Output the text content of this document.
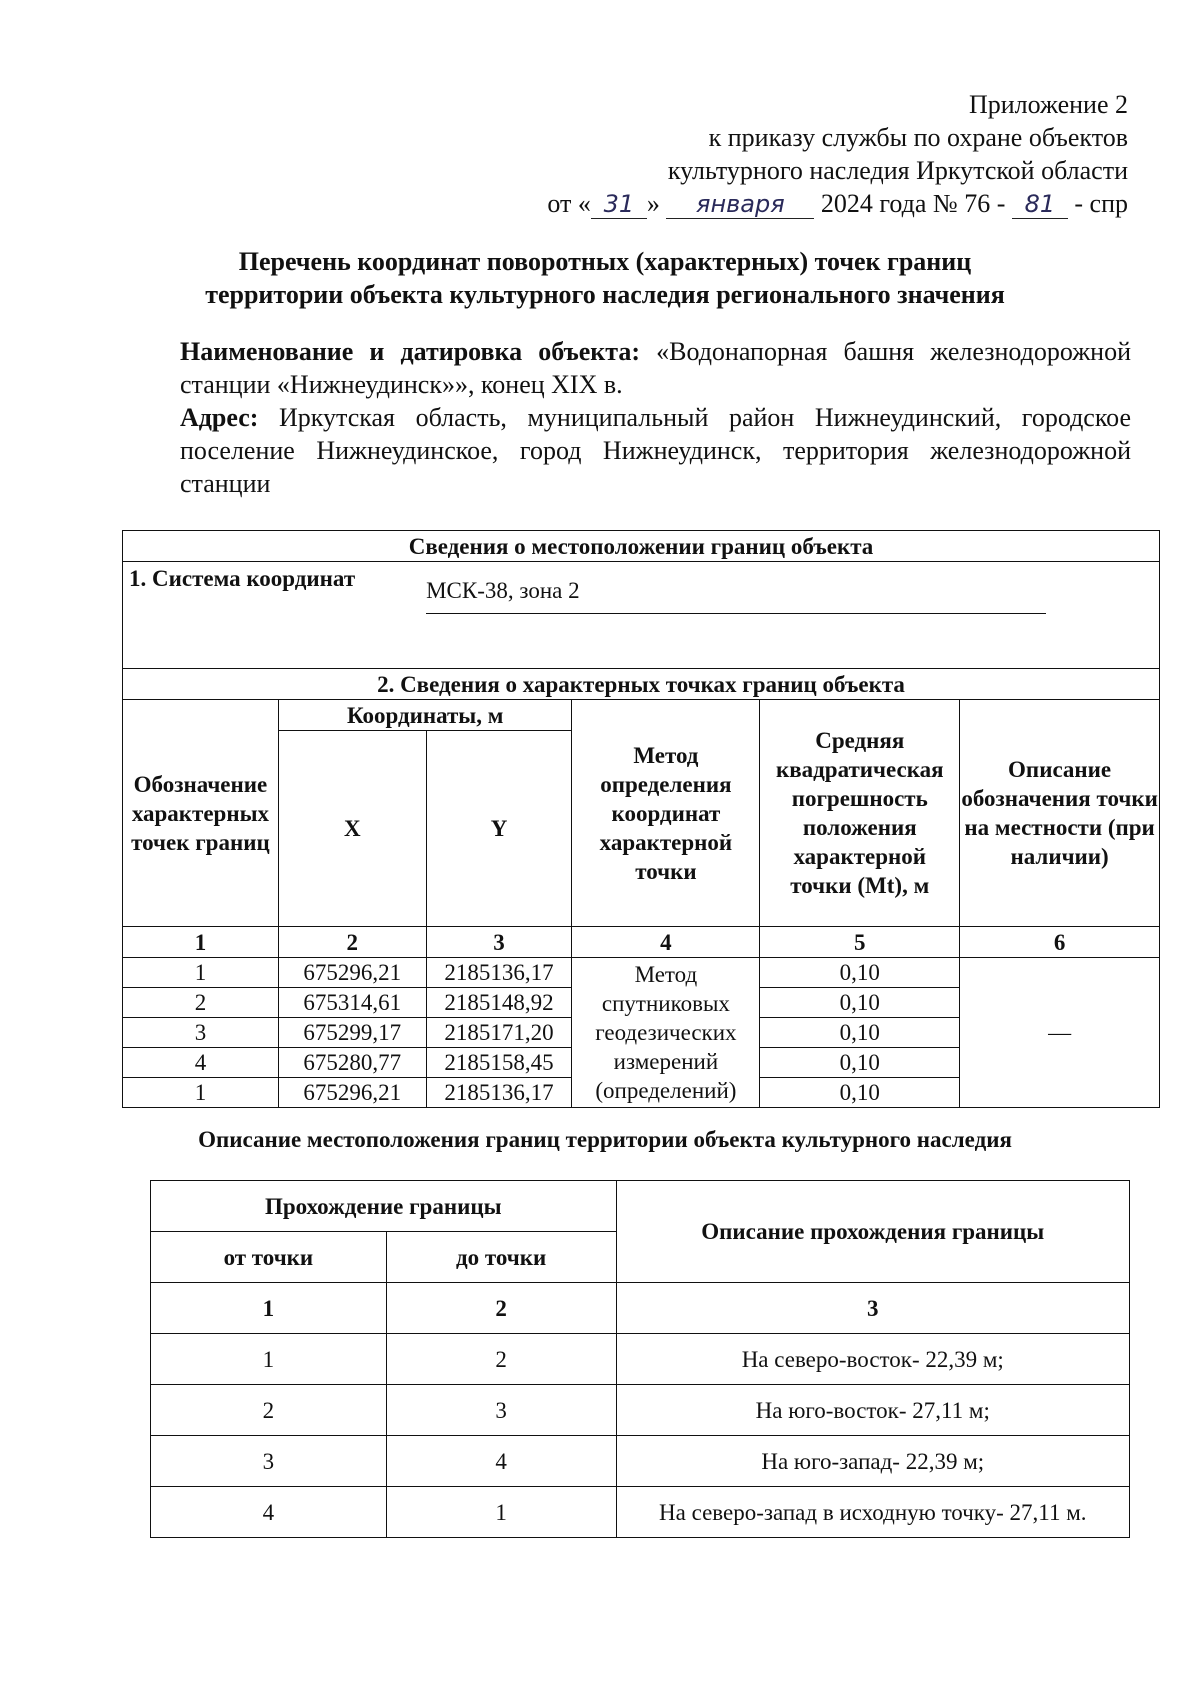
Приложение 2
к приказу службы по охране объектов
культурного наследия Иркутской области
от « 31 » января 2024 года № 76 - 81 - спр
Перечень координат поворотных (характерных) точек границ
территории объекта культурного наследия регионального значения

Наименование и датировка объекта: «Водонапорная башня железнодорожной станции «Нижнеудинск»», конец XIX в.

Адрес: Иркутская область, муниципальный район Нижнеудинский, городское поселение Нижнеудинское, город Нижнеудинск, территория железнодорожной станции

Сведения о местоположении границ объекта					
1. Система координат		МСК-38, зона 2			
2. Сведения о характерных точках границ объекта					
Обозначение характерных точек границ	Координаты, м		Метод определения координат характерной точки	Средняя квадратическая погрешность положения характерной точки (Mt), м	Описание обозначения точки на местности (при наличии)
	X	Y			
1	2	3	4	5	6
1	675296,21	2185136,17	Метод спутниковых геодезических измерений (определений)	0,10	—
2	675314,61	2185148,92		0,10	
3	675299,17	2185171,20		0,10	
4	675280,77	2185158,45		0,10	
1	675296,21	2185136,17		0,10	
Описание местоположения границ территории объекта культурного наследия
Прохождение границы		Описание прохождения границы
от точки	до точки	
1	2	3
1	2	На северо-восток- 22,39 м;
2	3	На юго-восток- 27,11 м;
3	4	На юго-запад- 22,39 м;
4	1	На северо-запад в исходную точку- 27,11 м.
